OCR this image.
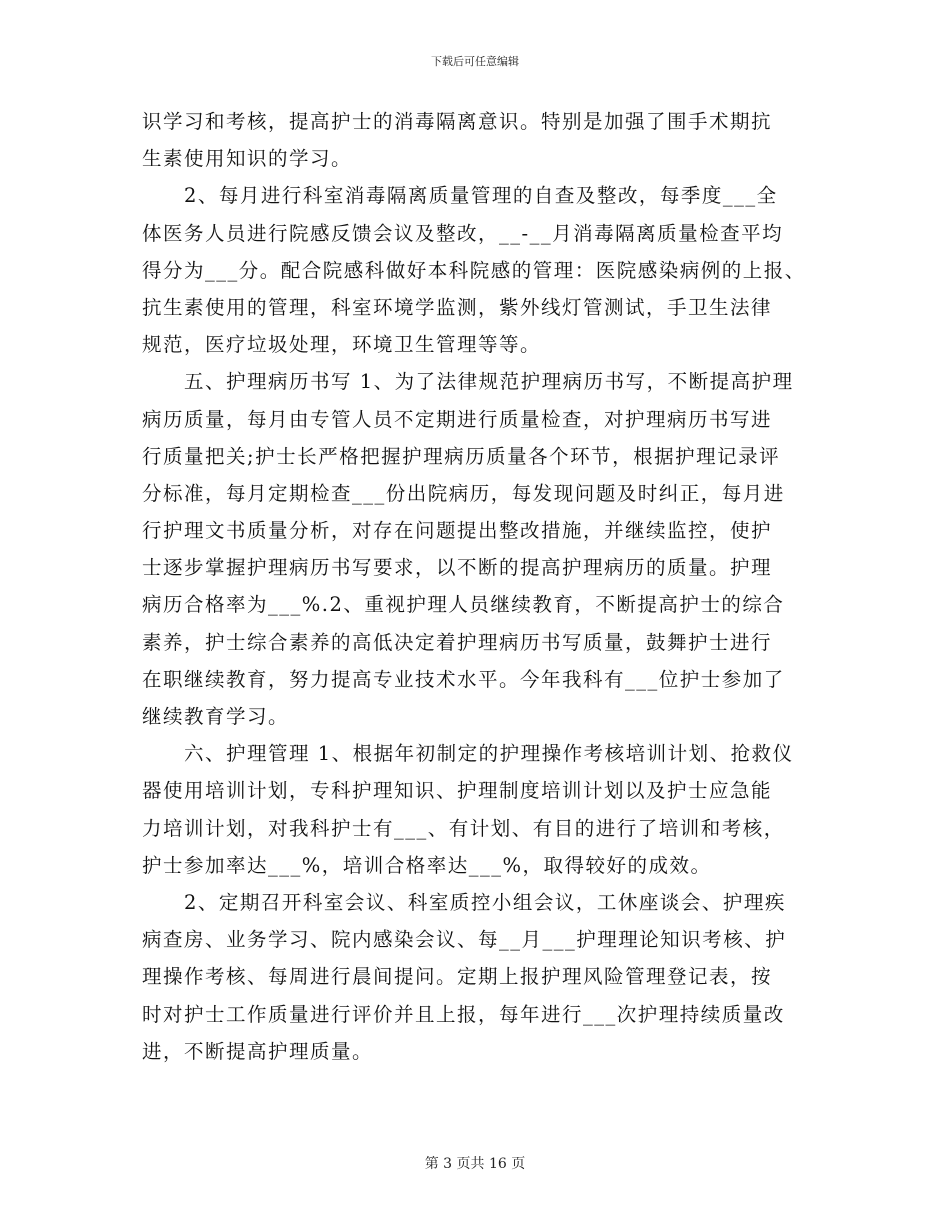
下载后可任意编辑
识学习和考核，提高护士的消毒隔离意识。特别是加强了围手术期抗
生素使用知识的学习。
　　2、每月进行科室消毒隔离质量管理的自查及整改，每季度___全
体医务人员进行院感反馈会议及整改，__-__月消毒隔离质量检查平均
得分为___分。配合院感科做好本科院感的管理：医院感染病例的上报、
抗生素使用的管理，科室环境学监测，紫外线灯管测试，手卫生法律
规范，医疗垃圾处理，环境卫生管理等等。
　　五、护理病历书写 1、为了法律规范护理病历书写，不断提高护理
病历质量，每月由专管人员不定期进行质量检查，对护理病历书写进
行质量把关;护士长严格把握护理病历质量各个环节，根据护理记录评
分标准，每月定期检查___份出院病历，每发现问题及时纠正，每月进
行护理文书质量分析，对存在问题提出整改措施，并继续监控，使护
士逐步掌握护理病历书写要求，以不断的提高护理病历的质量。护理
病历合格率为___%.2、重视护理人员继续教育，不断提高护士的综合
素养，护士综合素养的高低决定着护理病历书写质量，鼓舞护士进行
在职继续教育，努力提高专业技术水平。今年我科有___位护士参加了
继续教育学习。
　　六、护理管理 1、根据年初制定的护理操作考核培训计划、抢救仪
器使用培训计划，专科护理知识、护理制度培训计划以及护士应急能
力培训计划，对我科护士有___、有计划、有目的进行了培训和考核，
护士参加率达___%，培训合格率达___%，取得较好的成效。
　　2、定期召开科室会议、科室质控小组会议，工休座谈会、护理疾
病查房、业务学习、院内感染会议、每__月___护理理论知识考核、护
理操作考核、每周进行晨间提问。定期上报护理风险管理登记表，按
时对护士工作质量进行评价并且上报，每年进行___次护理持续质量改
进，不断提高护理质量。
第 3 页共 16 页
